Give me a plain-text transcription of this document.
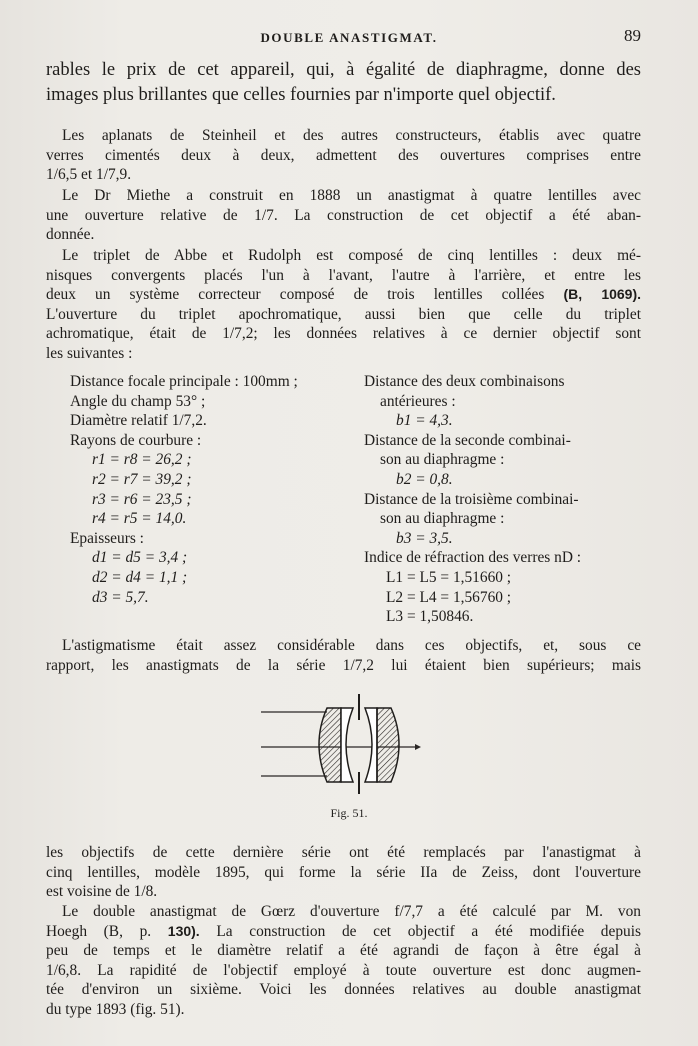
DOUBLE ANASTIGMAT.	89
rables le prix de cet appareil, qui, à égalité de diaphragme, donne des
images plus brillantes que celles fournies par n'importe quel objectif.
Les aplanats de Steinheil et des autres constructeurs, établis avec quatre
verres cimentés deux à deux, admettent des ouvertures comprises entre
1/6,5 et 1/7,9.
Le Dr Miethe a construit en 1888 un anastigmat à quatre lentilles avec
une ouverture relative de 1/7. La construction de cet objectif a été aban-
donnée.
Le triplet de Abbe et Rudolph est composé de cinq lentilles : deux mé-
nisques convergents placés l'un à l'avant, l'autre à l'arrière, et entre les
deux un système correcteur composé de trois lentilles collées (B, 1069).
L'ouverture du triplet apochromatique, aussi bien que celle du triplet
achromatique, était de 1/7,2; les données relatives à ce dernier objectif sont
les suivantes :
Distance focale principale : 100mm ;
Angle du champ 53° ;
Diamètre relatif 1/7,2.
Rayons de courbure :
r1 = r8 = 26,2 ;
r2 = r7 = 39,2 ;
r3 = r6 = 23,5 ;
r4 = r5 = 14,0.
Epaisseurs :
d1 = d5 = 3,4 ;
d2 = d4 = 1,1 ;
d3 = 5,7.
Distance des deux combinaisons
antérieures :
b1 = 4,3.
Distance de la seconde combinai-
son au diaphragme :
b2 = 0,8.
Distance de la troisième combinai-
son au diaphragme :
b3 = 3,5.
Indice de réfraction des verres nD :
L1 = L5 = 1,51660 ;
L2 = L4 = 1,56760 ;
L3 = 1,50846.
L'astigmatisme était assez considérable dans ces objectifs, et, sous ce
rapport, les anastigmats de la série 1/7,2 lui étaient bien supérieurs; mais
Fig. 51.
les objectifs de cette dernière série ont été remplacés par l'anastigmat à
cinq lentilles, modèle 1895, qui forme la série IIa de Zeiss, dont l'ouverture
est voisine de 1/8.
Le double anastigmat de Gœrz d'ouverture f/7,7 a été calculé par M. von
Hoegh (B, p. 130). La construction de cet objectif a été modifiée depuis
peu de temps et le diamètre relatif a été agrandi de façon à être égal à
1/6,8. La rapidité de l'objectif employé à toute ouverture est donc augmen-
tée d'environ un sixième. Voici les données relatives au double anastigmat
du type 1893 (fig. 51).
